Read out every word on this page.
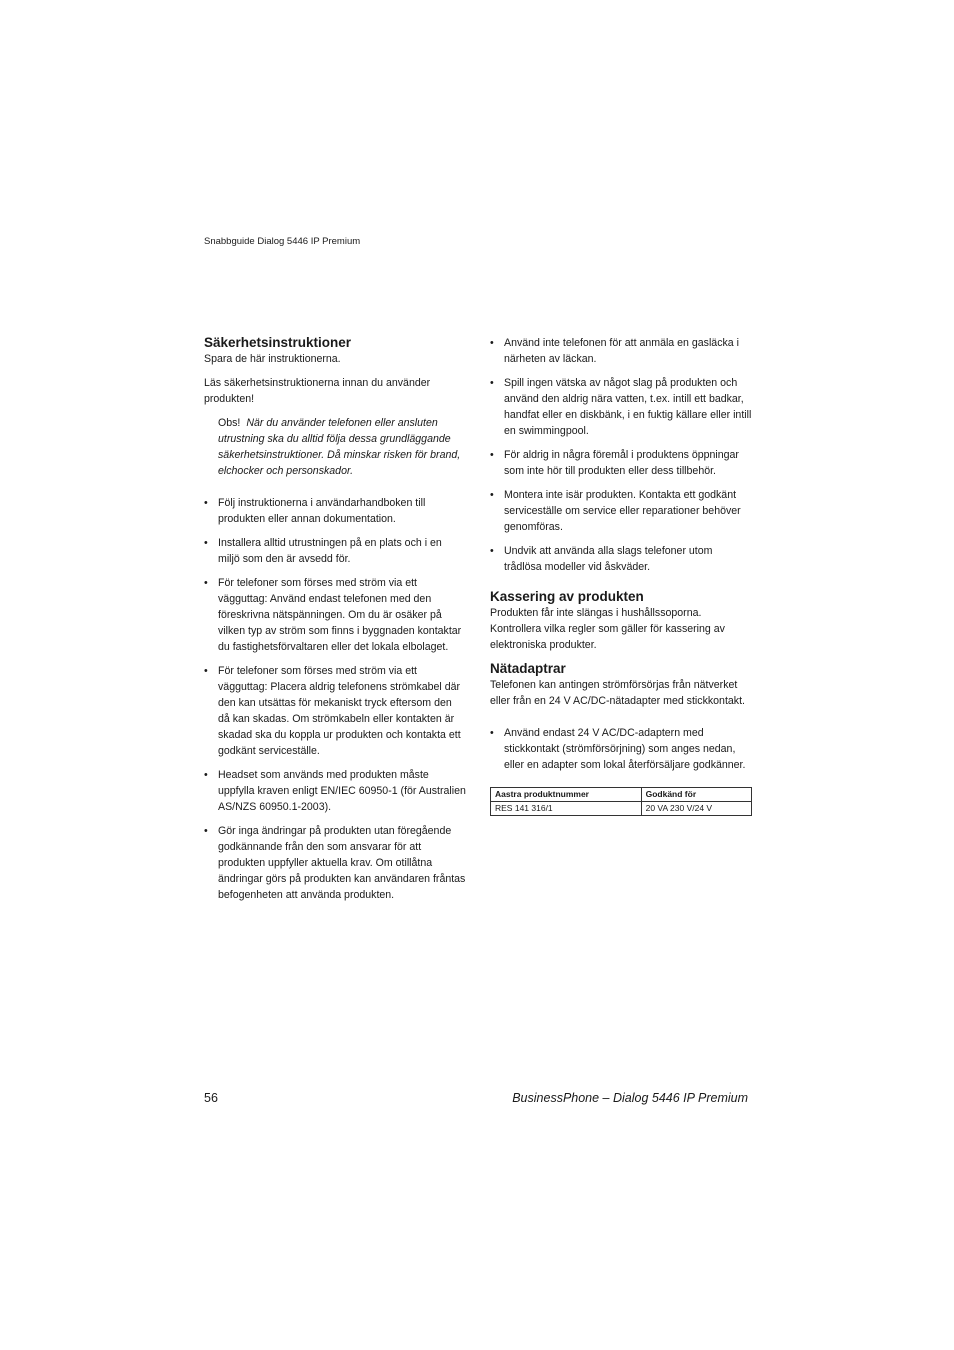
Snabbguide Dialog 5446 IP Premium
Säkerhetsinstruktioner

Spara de här instruktionerna.

Läs säkerhetsinstruktionerna innan du använder produkten!

Obs! När du använder telefonen eller ansluten utrustning ska du alltid följa dessa grundläggande säkerhetsinstruktioner. Då minskar risken för brand, elchocker och personskador.
• Följ instruktionerna i användarhandboken till produkten eller annan dokumentation.
• Installera alltid utrustningen på en plats och i en miljö som den är avsedd för.
• För telefoner som förses med ström via ett vägguttag: Använd endast telefonen med den föreskrivna nätspänningen. Om du är osäker på vilken typ av ström som finns i byggnaden kontaktar du fastighetsförvaltaren eller det lokala elbolaget.
• För telefoner som förses med ström via ett vägguttag: Placera aldrig telefonens strömkabel där den kan utsättas för mekaniskt tryck eftersom den då kan skadas. Om strömkabeln eller kontakten är skadad ska du koppla ur produkten och kontakta ett godkänt serviceställe.
• Headset som används med produkten måste uppfylla kraven enligt EN/IEC 60950-1 (för Australien AS/NZS 60950.1-2003).
• Gör inga ändringar på produkten utan föregående godkännande från den som ansvarar för att produkten uppfyller aktuella krav. Om otillåtna ändringar görs på produkten kan användaren fråntas befogenheten att använda produkten.
• Använd inte telefonen för att anmäla en gasläcka i närheten av läckan.
• Spill ingen vätska av något slag på produkten och använd den aldrig nära vatten, t.ex. intill ett badkar, handfat eller en diskbänk, i en fuktig källare eller intill en swimmingpool.
• För aldrig in några föremål i produktens öppningar som inte hör till produkten eller dess tillbehör.
• Montera inte isär produkten. Kontakta ett godkänt serviceställe om service eller reparationer behöver genomföras.
• Undvik att använda alla slags telefoner utom trådlösa modeller vid åskväder.
Kassering av produkten

Produkten får inte slängas i hushållssoporna. Kontrollera vilka regler som gäller för kassering av elektroniska produkter.

Nätadaptrar

Telefonen kan antingen strömförsörjas från nätverket eller från en 24 V AC/DC-nätadapter med stickkontakt.

• Använd endast 24 V AC/DC-adaptern med stickkontakt (strömförsörjning) som anges nedan, eller en adapter som lokal återförsäljare godkänner.
Aastra produktnummer	Godkänd för
RES 141 316/1	20 VA 230 V/24 V
56	BusinessPhone – Dialog 5446 IP Premium
